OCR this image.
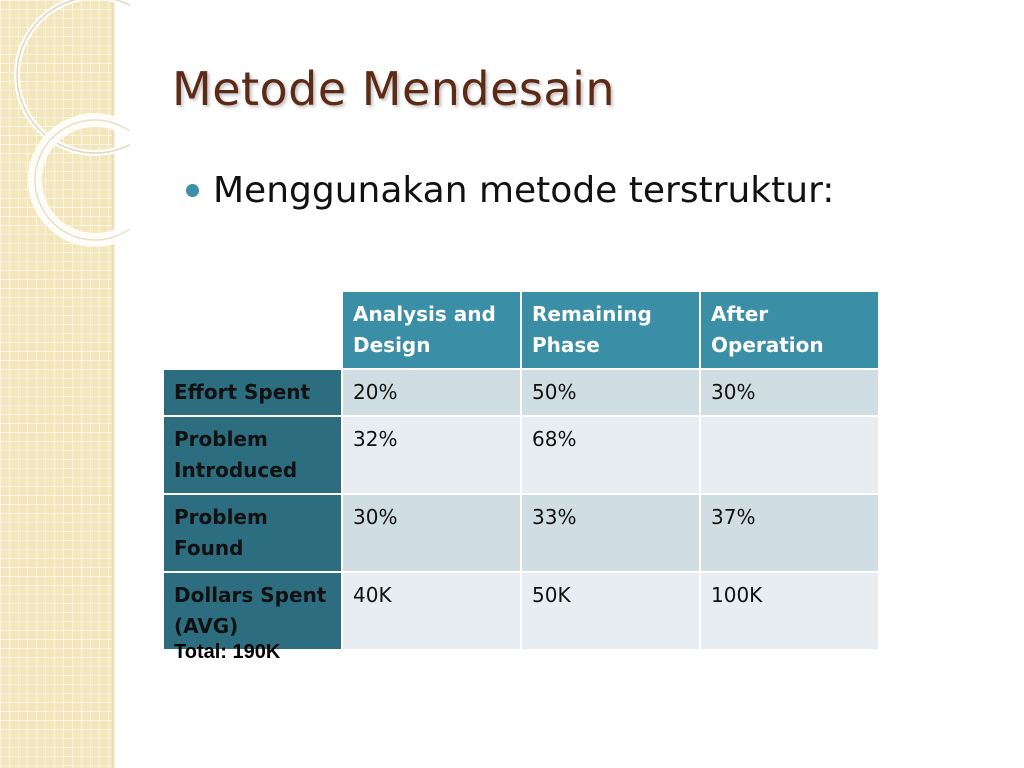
Metode Mendesain
Menggunakan metode terstruktur:
	Analysis and Design	Remaining Phase	After Operation
Effort Spent	20%	50%	30%
Problem Introduced	32%	68%	
Problem Found	30%	33%	37%
Dollars Spent (AVG)	40K	50K	100K
Total: 190K
